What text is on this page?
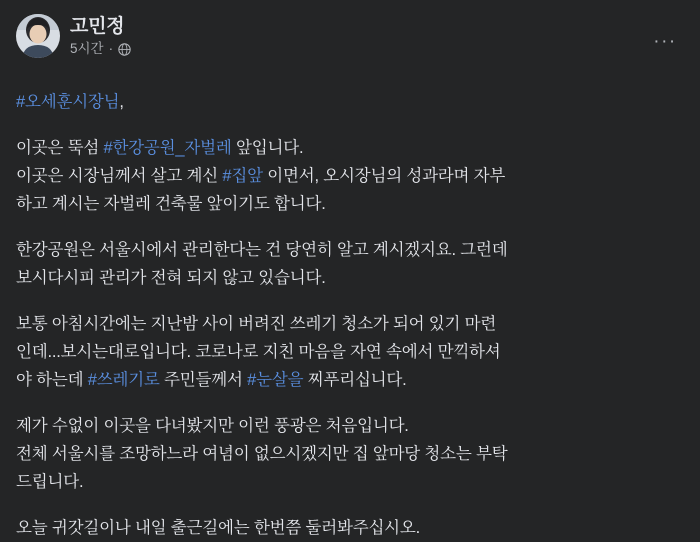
고민정
5시간 ·	···
#오세훈시장님,
이곳은 뚝섬 #한강공원_자벌레 앞입니다.
이곳은 시장님께서 살고 계신 #집앞 이면서, 오시장님의 성과라며 자부
하고 계시는 자벌레 건축물 앞이기도 합니다.
한강공원은 서울시에서 관리한다는 건 당연히 알고 계시겠지요. 그런데
보시다시피 관리가 전혀 되지 않고 있습니다.
보통 아침시간에는 지난밤 사이 버려진 쓰레기 청소가 되어 있기 마련
인데...보시는대로입니다. 코로나로 지친 마음을 자연 속에서 만끽하셔
야 하는데 #쓰레기로 주민들께서 #눈살을 찌푸리십니다.
제가 수없이 이곳을 다녀봤지만 이런 풍광은 처음입니다.
전체 서울시를 조망하느라 여념이 없으시겠지만 집 앞마당 청소는 부탁
드립니다.
오늘 귀갓길이나 내일 출근길에는 한번쯤 둘러봐주십시오.
